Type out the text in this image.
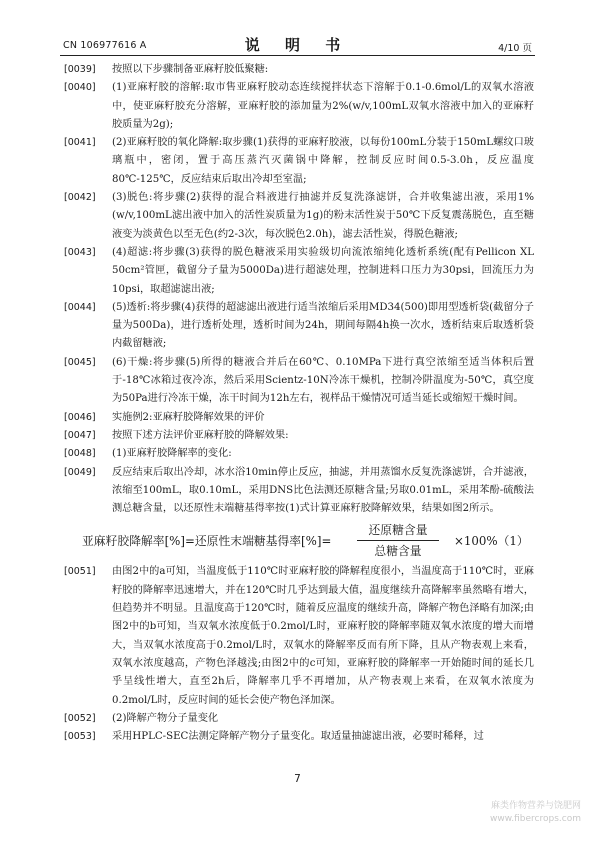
CN 106977616 A	说 明 书	4/10 页
[0039] 按照以下步骤制备亚麻籽胶低聚糖:
[0040] (1)亚麻籽胶的溶解:取市售亚麻籽胶动态连续搅拌状态下溶解于0.1-0.6mol/L的双氧水溶液中，使亚麻籽胶充分溶解，亚麻籽胶的添加量为2%(w/v,100mL双氧水溶液中加入的亚麻籽胶质量为2g);
[0041] (2)亚麻籽胶的氧化降解:取步骤(1)获得的亚麻籽胶液，以每份100mL分装于150mL螺纹口玻璃瓶中，密闭，置于高压蒸汽灭菌锅中降解，控制反应时间0.5-3.0h，反应温度80℃-125℃，反应结束后取出冷却至室温;
[0042] (3)脱色:将步骤(2)获得的混合料液进行抽滤并反复洗涤滤饼，合并收集滤出液，采用1%(w/v,100mL滤出液中加入的活性炭质量为1g)的粉末活性炭于50℃下反复震荡脱色，直至糖液变为淡黄色以至无色(约2-3次，每次脱色2.0h)，滤去活性炭，得脱色糖液;
[0043] (4)超滤:将步骤(3)获得的脱色糖液采用实验级切向流浓缩纯化透析系统(配有Pellicon XL 50cm²管匣，截留分子量为5000Da)进行超滤处理，控制进料口压力为30psi，回流压力为10psi，取超滤滤出液;
[0044] (5)透析:将步骤(4)获得的超滤滤出液进行适当浓缩后采用MD34(500)即用型透析袋(截留分子量为500Da)，进行透析处理，透析时间为24h，期间每隔4h换一次水，透析结束后取透析袋内截留糖液;
[0045] (6)干燥:将步骤(5)所得的糖液合并后在60℃、0.10MPa下进行真空浓缩至适当体积后置于-18℃冰箱过夜冷冻，然后采用Scientz-10N冷冻干燥机，控制冷阱温度为-50℃，真空度为50Pa进行冷冻干燥，冻干时间为12h左右，视样品干燥情况可适当延长或缩短干燥时间。
[0046] 实施例2:亚麻籽胶降解效果的评价
[0047] 按照下述方法评价亚麻籽胶的降解效果:
[0048] (1)亚麻籽胶降解率的变化:
[0049] 反应结束后取出冷却，冰水浴10min停止反应，抽滤，并用蒸馏水反复洗涤滤饼，合并滤液，浓缩至100mL，取0.10mL，采用DNS比色法测还原糖含量;另取0.01mL，采用苯酚-硫酸法测总糖含量，以还原性末端糖基得率按(1)式计算亚麻籽胶降解效果，结果如图2所示。
亚麻籽胶降解率[%]=还原性末端糖基得率[%]=
还原糖含量
总糖含量
×100%（1）
[0051] 由图2中的a可知，当温度低于110℃时亚麻籽胶的降解程度很小，当温度高于110℃时，亚麻籽胶的降解率迅速增大，并在120℃时几乎达到最大值，温度继续升高降解率虽然略有增大，但趋势并不明显。且温度高于120℃时，随着反应温度的继续升高，降解产物色泽略有加深;由图2中的b可知，当双氧水浓度低于0.2mol/L时，亚麻籽胶的降解率随双氧水浓度的增大而增大，当双氧水浓度高于0.2mol/L时，双氧水的降解率反而有所下降，且从产物表观上来看，双氧水浓度越高，产物色泽越浅;由图2中的c可知，亚麻籽胶的降解率一开始随时间的延长几乎呈线性增大，直至2h后，降解率几乎不再增加，从产物表观上来看，在双氧水浓度为0.2mol/L时，反应时间的延长会使产物色泽加深。
[0052] (2)降解产物分子量变化
[0053] 采用HPLC-SEC法测定降解产物分子量变化。取适量抽滤滤出液，必要时稀释，过
7
麻类作物营养与饶肥网
www.fibercrops.com
